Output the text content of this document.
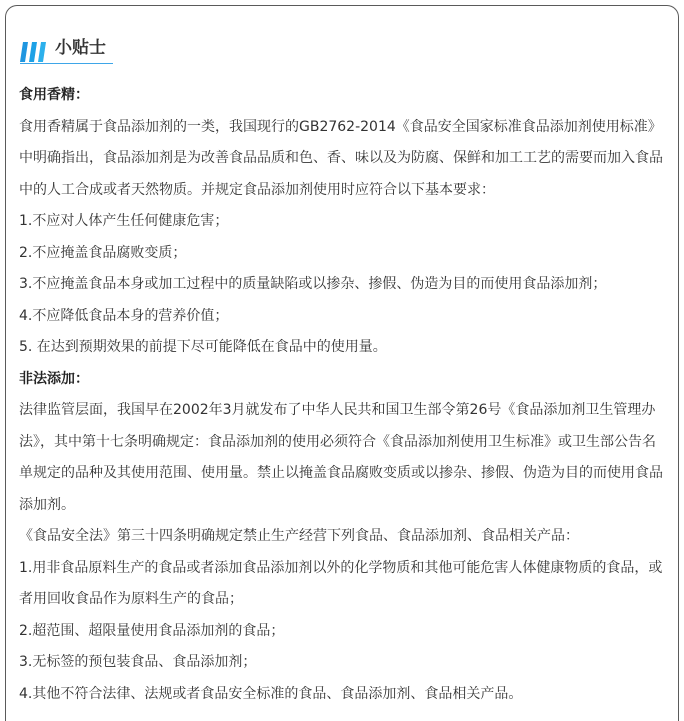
小贴士
食用香精：
食用香精属于食品添加剂的一类，我国现行的GB2762-2014《食品安全国家标准食品添加剂使用标准》
中明确指出，食品添加剂是为改善食品品质和色、香、味以及为防腐、保鲜和加工工艺的需要而加入食品
中的人工合成或者天然物质。并规定食品添加剂使用时应符合以下基本要求：
1.不应对人体产生任何健康危害；
2.不应掩盖食品腐败变质；
3.不应掩盖食品本身或加工过程中的质量缺陷或以掺杂、掺假、伪造为目的而使用食品添加剂；
4.不应降低食品本身的营养价值；
5. 在达到预期效果的前提下尽可能降低在食品中的使用量。
非法添加：
法律监管层面，我国早在2002年3月就发布了中华人民共和国卫生部令第26号《食品添加剂卫生管理办
法》，其中第十七条明确规定：食品添加剂的使用必须符合《食品添加剂使用卫生标准》或卫生部公告名
单规定的品种及其使用范围、使用量。禁止以掩盖食品腐败变质或以掺杂、掺假、伪造为目的而使用食品
添加剂。
《食品安全法》第三十四条明确规定禁止生产经营下列食品、食品添加剂、食品相关产品：
1.用非食品原料生产的食品或者添加食品添加剂以外的化学物质和其他可能危害人体健康物质的食品，或
者用回收食品作为原料生产的食品；
2.超范围、超限量使用食品添加剂的食品；
3.无标签的预包装食品、食品添加剂；
4.其他不符合法律、法规或者食品安全标准的食品、食品添加剂、食品相关产品。
